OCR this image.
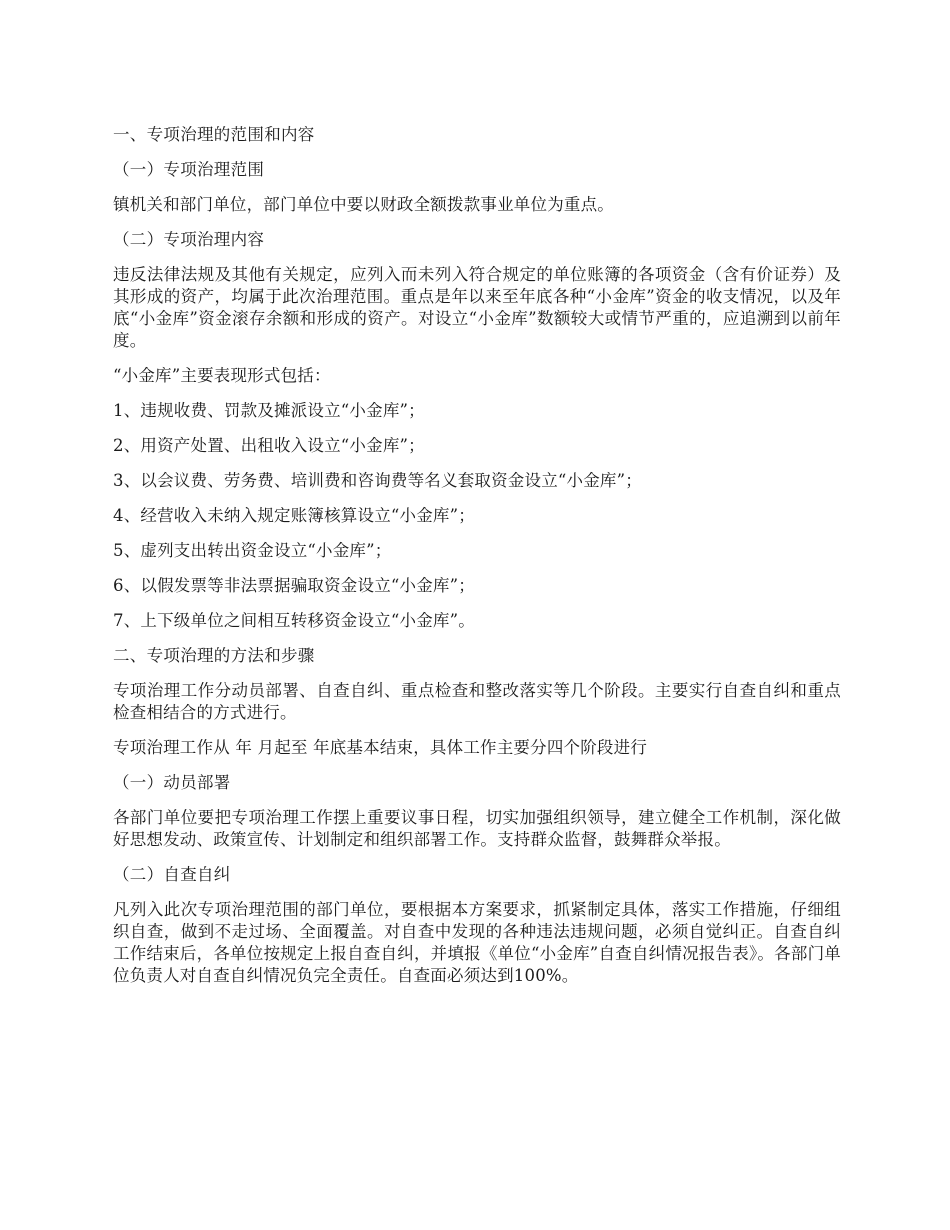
一、专项治理的范围和内容

（一）专项治理范围

镇机关和部门单位，部门单位中要以财政全额拨款事业单位为重点。

（二）专项治理内容

违反法律法规及其他有关规定，应列入而未列入符合规定的单位账簿的各项资金（含有价证券）及其形成的资产，均属于此次治理范围。重点是年以来至年底各种“小金库”资金的收支情况，以及年底“小金库”资金滚存余额和形成的资产。对设立“小金库”数额较大或情节严重的，应追溯到以前年度。

“小金库”主要表现形式包括：

1、违规收费、罚款及摊派设立“小金库”；

2、用资产处置、出租收入设立“小金库”；

3、以会议费、劳务费、培训费和咨询费等名义套取资金设立“小金库”；

4、经营收入未纳入规定账簿核算设立“小金库”；

5、虚列支出转出资金设立“小金库”；

6、以假发票等非法票据骗取资金设立“小金库”；

7、上下级单位之间相互转移资金设立“小金库”。

二、专项治理的方法和步骤

专项治理工作分动员部署、自查自纠、重点检查和整改落实等几个阶段。主要实行自查自纠和重点检查相结合的方式进行。

专项治理工作从 年 月起至 年底基本结束，具体工作主要分四个阶段进行

（一）动员部署

各部门单位要把专项治理工作摆上重要议事日程，切实加强组织领导，建立健全工作机制，深化做好思想发动、政策宣传、计划制定和组织部署工作。支持群众监督，鼓舞群众举报。

（二）自查自纠

凡列入此次专项治理范围的部门单位，要根据本方案要求，抓紧制定具体，落实工作措施，仔细组织自查，做到不走过场、全面覆盖。对自查中发现的各种违法违规问题，必须自觉纠正。自查自纠工作结束后，各单位按规定上报自查自纠，并填报《单位“小金库”自查自纠情况报告表》。各部门单位负责人对自查自纠情况负完全责任。自查面必须达到100%。
